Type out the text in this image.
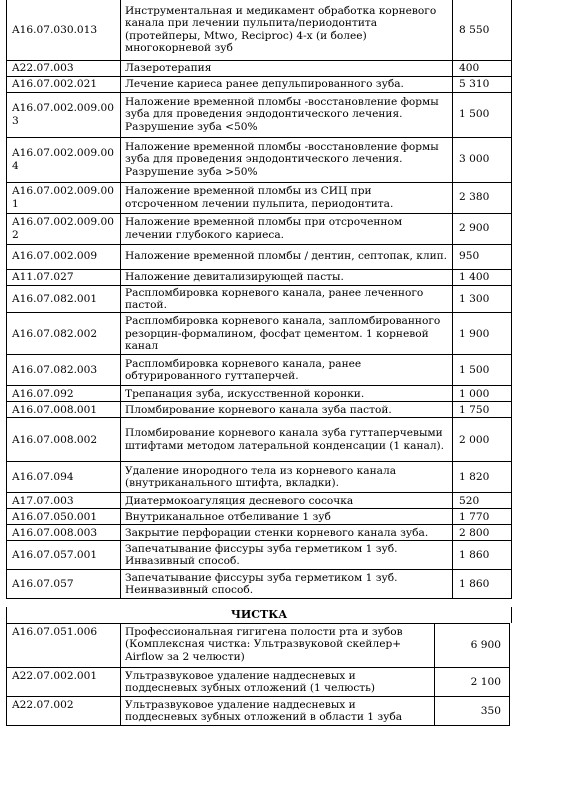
A16.07.030.013	Инструментальная и медикамент обработка корневого канала при лечении пульпита/периодонтита (протейперы, Mtwo, Reciproc) 4-х (и более) многокорневой зуб	8 550
A22.07.003	Лазеротерапия	400
A16.07.002.021	Лечение кариеса ранее депульпированного зуба.	5 310
A16.07.002.009.003	Наложение временной пломбы -восстановление формы зуба для проведения эндодонтического лечения. Разрушение зуба <50%	1 500
A16.07.002.009.004	Наложение временной пломбы -восстановление формы зуба для проведения эндодонтического лечения. Разрушение зуба >50%	3 000
A16.07.002.009.001	Наложение временной пломбы из СИЦ при отсроченном лечении пульпита, периодонтита.	2 380
A16.07.002.009.002	Наложение временной пломбы при отсроченном лечении глубокого кариеса.	2 900
A16.07.002.009	Наложение временной пломбы / дентин, септопак, клип.	950
A11.07.027	Наложение девитализирующей пасты.	1 400
A16.07.082.001	Распломбировка корневого канала, ранее леченного пастой.	1 300
A16.07.082.002	Распломбировка корневого канала, запломбированного резорцин-формалином, фосфат цементом. 1 корневой канал	1 900
A16.07.082.003	Распломбировка корневого канала, ранее обтурированного гуттаперчей.	1 500
A16.07.092	Трепанация зуба, искусственной коронки.	1 000
A16.07.008.001	Пломбирование корневого канала зуба пастой.	1 750
A16.07.008.002	Пломбирование корневого канала зуба гуттаперчевыми штифтами методом латеральной конденсации (1 канал).	2 000
A16.07.094	Удаление инородного тела из корневого канала (внутриканального штифта, вкладки).	1 820
A17.07.003	Диатермокоагуляция десневого сосочка	520
A16.07.050.001	Внутриканальное отбеливание 1 зуб	1 770
A16.07.008.003	Закрытие перфорации стенки корневого канала зуба.	2 800
A16.07.057.001	Запечатывание фиссуры зуба герметиком 1 зуб. Инвазивный способ.	1 860
A16.07.057	Запечатывание фиссуры зуба герметиком 1 зуб. Неинвазивный способ.	1 860
ЧИСТКА
A16.07.051.006	Профессиональная гигигена полости рта и зубов (Комплексная чистка: Ультразвуковой скейлер+ Airflow за 2 челюсти)	6 900
A22.07.002.001	Ультразвуковое удаление наддесневых и поддесневых зубных отложений (1 челюсть)	2 100
A22.07.002	Ультразвуковое удаление наддесневых и поддесневых зубных отложений в области 1 зуба	350
